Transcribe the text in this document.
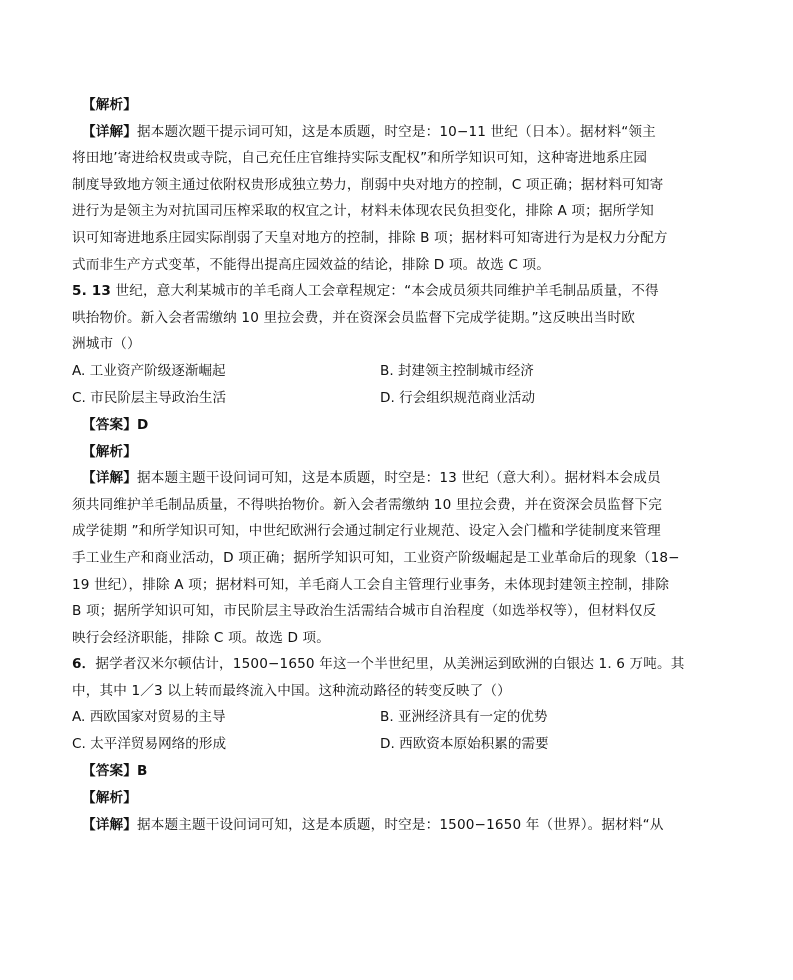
【解析】
【详解】据本题次题干提示词可知，这是本质题，时空是：10−11 世纪（日本）。据材料“领主
将田地’寄进给权贵或寺院，自己充任庄官维持实际支配权”和所学知识可知，这种寄进地系庄园
制度导致地方领主通过依附权贵形成独立势力，削弱中央对地方的控制，C 项正确；据材料可知寄
进行为是领主为对抗国司压榨采取的权宜之计，材料未体现农民负担变化，排除 A 项；据所学知
识可知寄进地系庄园实际削弱了天皇对地方的控制，排除 B 项；据材料可知寄进行为是权力分配方
式而非生产方式变革，不能得出提高庄园效益的结论，排除 D 项。故选 C 项。
5. 13 世纪，意大利某城市的羊毛商人工会章程规定：“本会成员须共同维护羊毛制品质量，不得
哄抬物价。新入会者需缴纳 10 里拉会费，并在资深会员监督下完成学徒期。”这反映出当时欧
洲城市（）
A. 工业资产阶级逐渐崛起	B. 封建领主控制城市经济
C. 市民阶层主导政治生活	D. 行会组织规范商业活动
【答案】D
【解析】
【详解】据本题主题干设问词可知，这是本质题，时空是：13 世纪（意大利）。据材料本会成员
须共同维护羊毛制品质量，不得哄抬物价。新入会者需缴纳 10 里拉会费，并在资深会员监督下完
成学徒期 ”和所学知识可知，中世纪欧洲行会通过制定行业规范、设定入会门槛和学徒制度来管理
手工业生产和商业活动，D 项正确；据所学知识可知，工业资产阶级崛起是工业革命后的现象（18−
19 世纪），排除 A 项；据材料可知，羊毛商人工会自主管理行业事务，未体现封建领主控制，排除
B 项；据所学知识可知，市民阶层主导政治生活需结合城市自治程度（如选举权等），但材料仅反
映行会经济职能，排除 C 项。故选 D 项。
6．据学者汉米尔顿估计，1500−1650 年这一个半世纪里，从美洲运到欧洲的白银达 1. 6 万吨。其
中，其中 1／3 以上转而最终流入中国。这种流动路径的转变反映了（）
A. 西欧国家对贸易的主导	B. 亚洲经济具有一定的优势
C. 太平洋贸易网络的形成	D. 西欧资本原始积累的需要
【答案】B
【解析】
【详解】据本题主题干设问词可知，这是本质题，时空是：1500−1650 年（世界）。据材料“从
